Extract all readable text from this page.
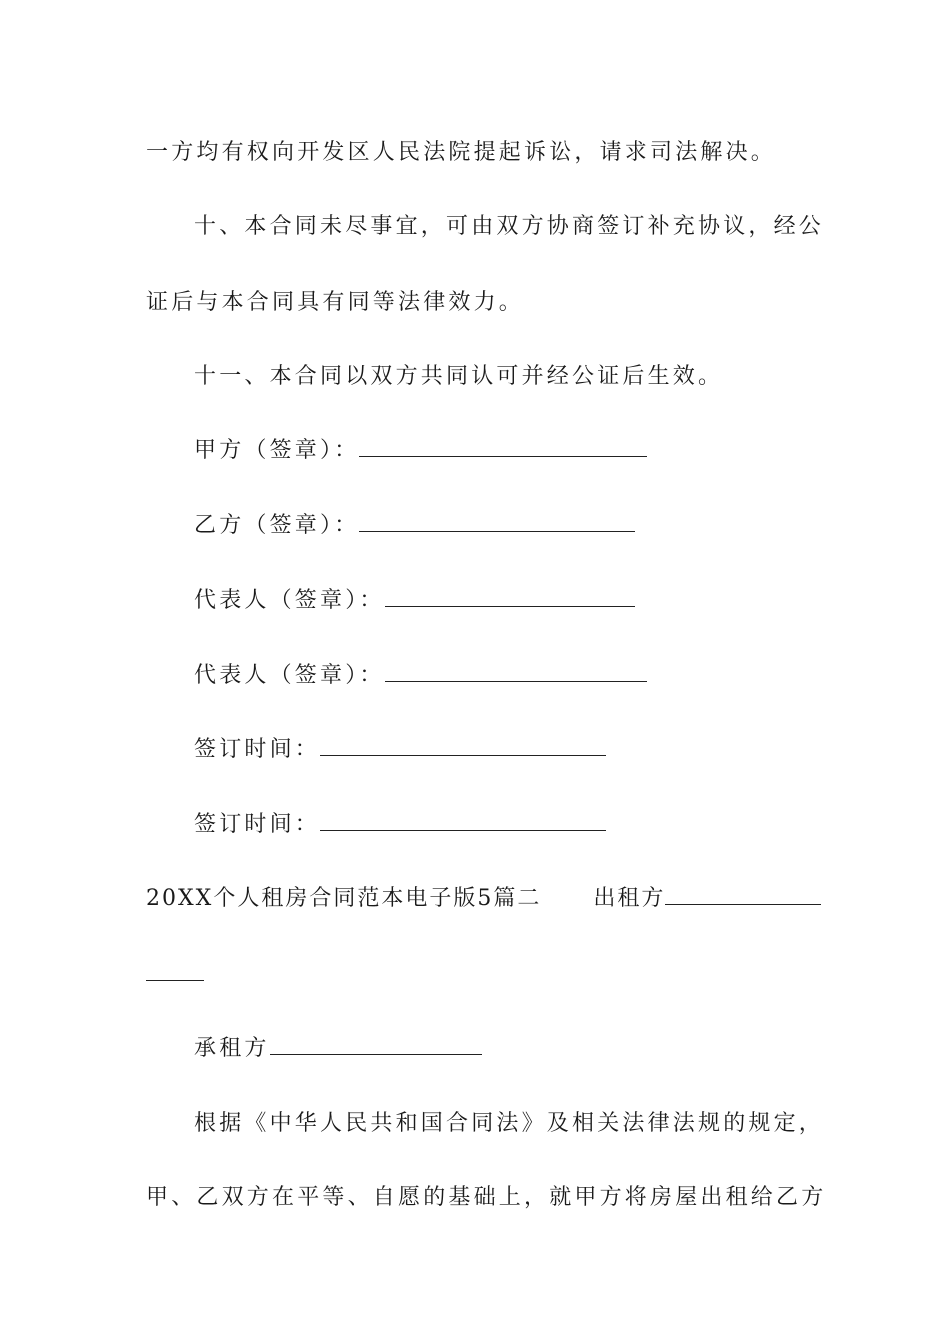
一方均有权向开发区人民法院提起诉讼，请求司法解决。
十、本合同未尽事宜，可由双方协商签订补充协议，经公
证后与本合同具有同等法律效力。
十一、本合同以双方共同认可并经公证后生效。
甲方（签章）：
乙方（签章）：
代表人（签章）：
代表人（签章）：
签订时间：
签订时间：
20XX个人租房合同范本电子版5篇二 出租方
承租方
根据《中华人民共和国合同法》及相关法律法规的规定，
甲、乙双方在平等、自愿的基础上，就甲方将房屋出租给乙方
